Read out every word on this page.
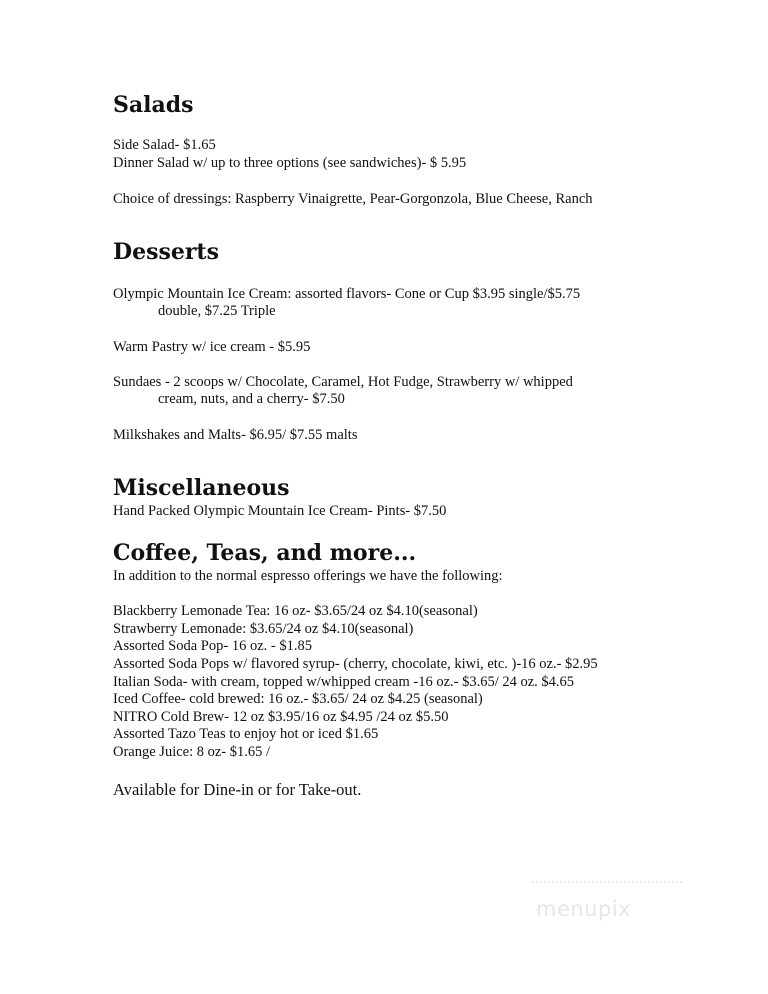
Salads

Side Salad- $1.65

Dinner Salad w/ up to three options (see sandwiches)- $ 5.95

Choice of dressings: Raspberry Vinaigrette, Pear-Gorgonzola, Blue Cheese, Ranch

Desserts

Olympic Mountain Ice Cream: assorted flavors- Cone or Cup $3.95 single/$5.75

double, $7.25 Triple

Warm Pastry w/ ice cream - $5.95

Sundaes - 2 scoops w/ Chocolate, Caramel, Hot Fudge, Strawberry w/ whipped

cream, nuts, and a cherry- $7.50

Milkshakes and Malts- $6.95/ $7.55 malts

Miscellaneous

Hand Packed Olympic Mountain Ice Cream- Pints- $7.50

Coffee, Teas, and more...

In addition to the normal espresso offerings we have the following:

Blackberry Lemonade Tea: 16 oz- $3.65/24 oz $4.10(seasonal)

Strawberry Lemonade: $3.65/24 oz $4.10(seasonal)

Assorted Soda Pop- 16 oz. - $1.85

Assorted Soda Pops w/ flavored syrup- (cherry, chocolate, kiwi, etc. )-16 oz.- $2.95

Italian Soda- with cream, topped w/whipped cream -16 oz.- $3.65/ 24 oz. $4.65

Iced Coffee- cold brewed: 16 oz.- $3.65/ 24 oz $4.25 (seasonal)

NITRO Cold Brew- 12 oz $3.95/16 oz $4.95 /24 oz $5.50

Assorted Tazo Teas to enjoy hot or iced $1.65

Orange Juice: 8 oz- $1.65 /

Available for Dine-in or for Take-out.

menupix
